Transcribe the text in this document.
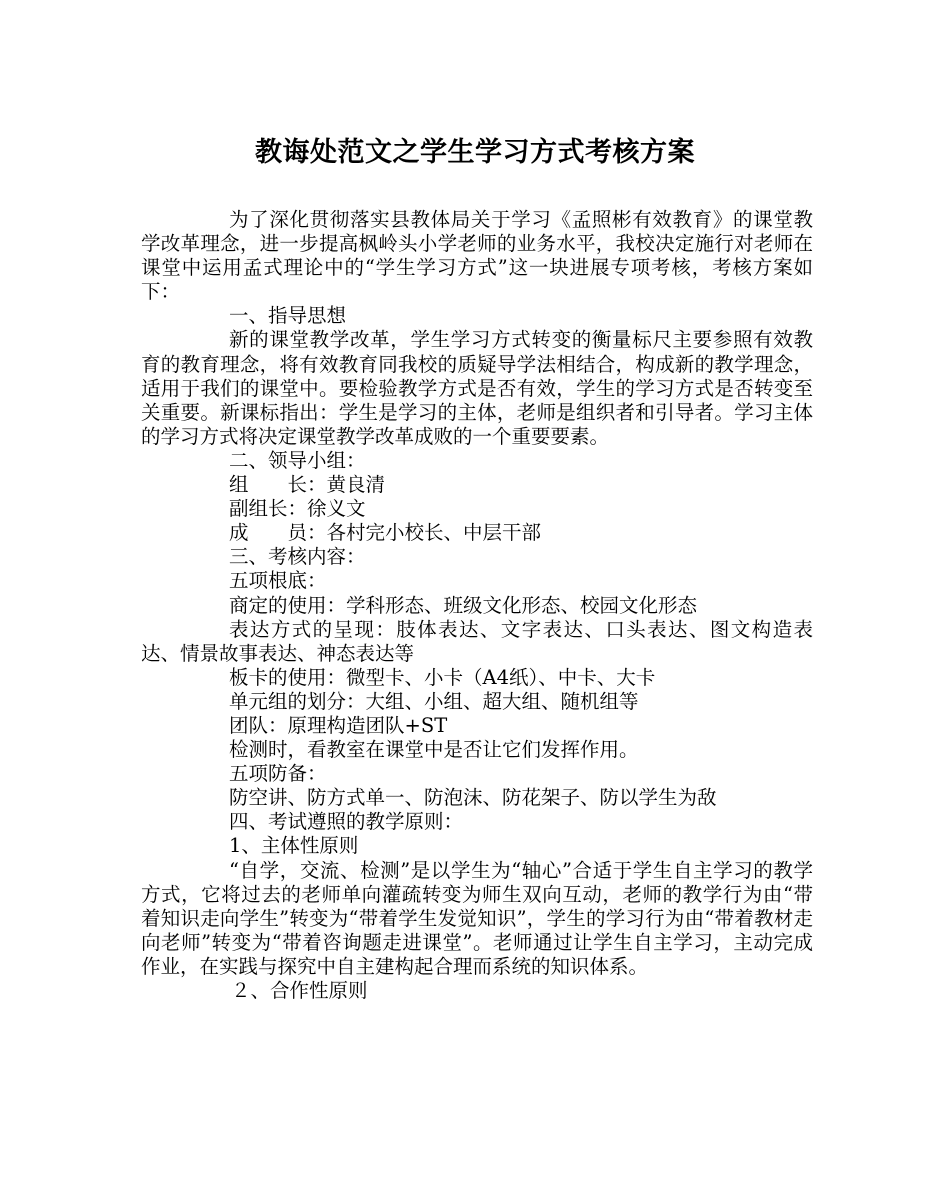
教诲处范文之学生学习方式考核方案

为了深化贯彻落实县教体局关于学习《孟照彬有效教育》的课堂教学改革理念，进一步提高枫岭头小学老师的业务水平，我校决定施行对老师在课堂中运用孟式理论中的“学生学习方式”这一块进展专项考核，考核方案如下：

一、指导思想

新的课堂教学改革，学生学习方式转变的衡量标尺主要参照有效教育的教育理念，将有效教育同我校的质疑导学法相结合，构成新的教学理念，适用于我们的课堂中。要检验教学方式是否有效，学生的学习方式是否转变至关重要。新课标指出：学生是学习的主体，老师是组织者和引导者。学习主体的学习方式将决定课堂教学改革成败的一个重要要素。

二、领导小组：

组　　长：黄良清

副组长：徐义文

成　　员：各村完小校长、中层干部

三、考核内容：

五项根底：

商定的使用：学科形态、班级文化形态、校园文化形态

表达方式的呈现：肢体表达、文字表达、口头表达、图文构造表达、情景故事表达、神态表达等

板卡的使用：微型卡、小卡（A4纸）、中卡、大卡

单元组的划分：大组、小组、超大组、随机组等

团队：原理构造团队+ST

检测时，看教室在课堂中是否让它们发挥作用。

五项防备：

防空讲、防方式单一、防泡沫、防花架子、防以学生为敌

四、考试遵照的教学原则：

1、主体性原则

“自学，交流、检测”是以学生为“轴心”合适于学生自主学习的教学方式，它将过去的老师单向灌疏转变为师生双向互动，老师的教学行为由“带着知识走向学生”转变为“带着学生发觉知识”，学生的学习行为由“带着教材走向老师”转变为“带着咨询题走进课堂”。老师通过让学生自主学习，主动完成作业，在实践与探究中自主建构起合理而系统的知识体系。

２、合作性原则
